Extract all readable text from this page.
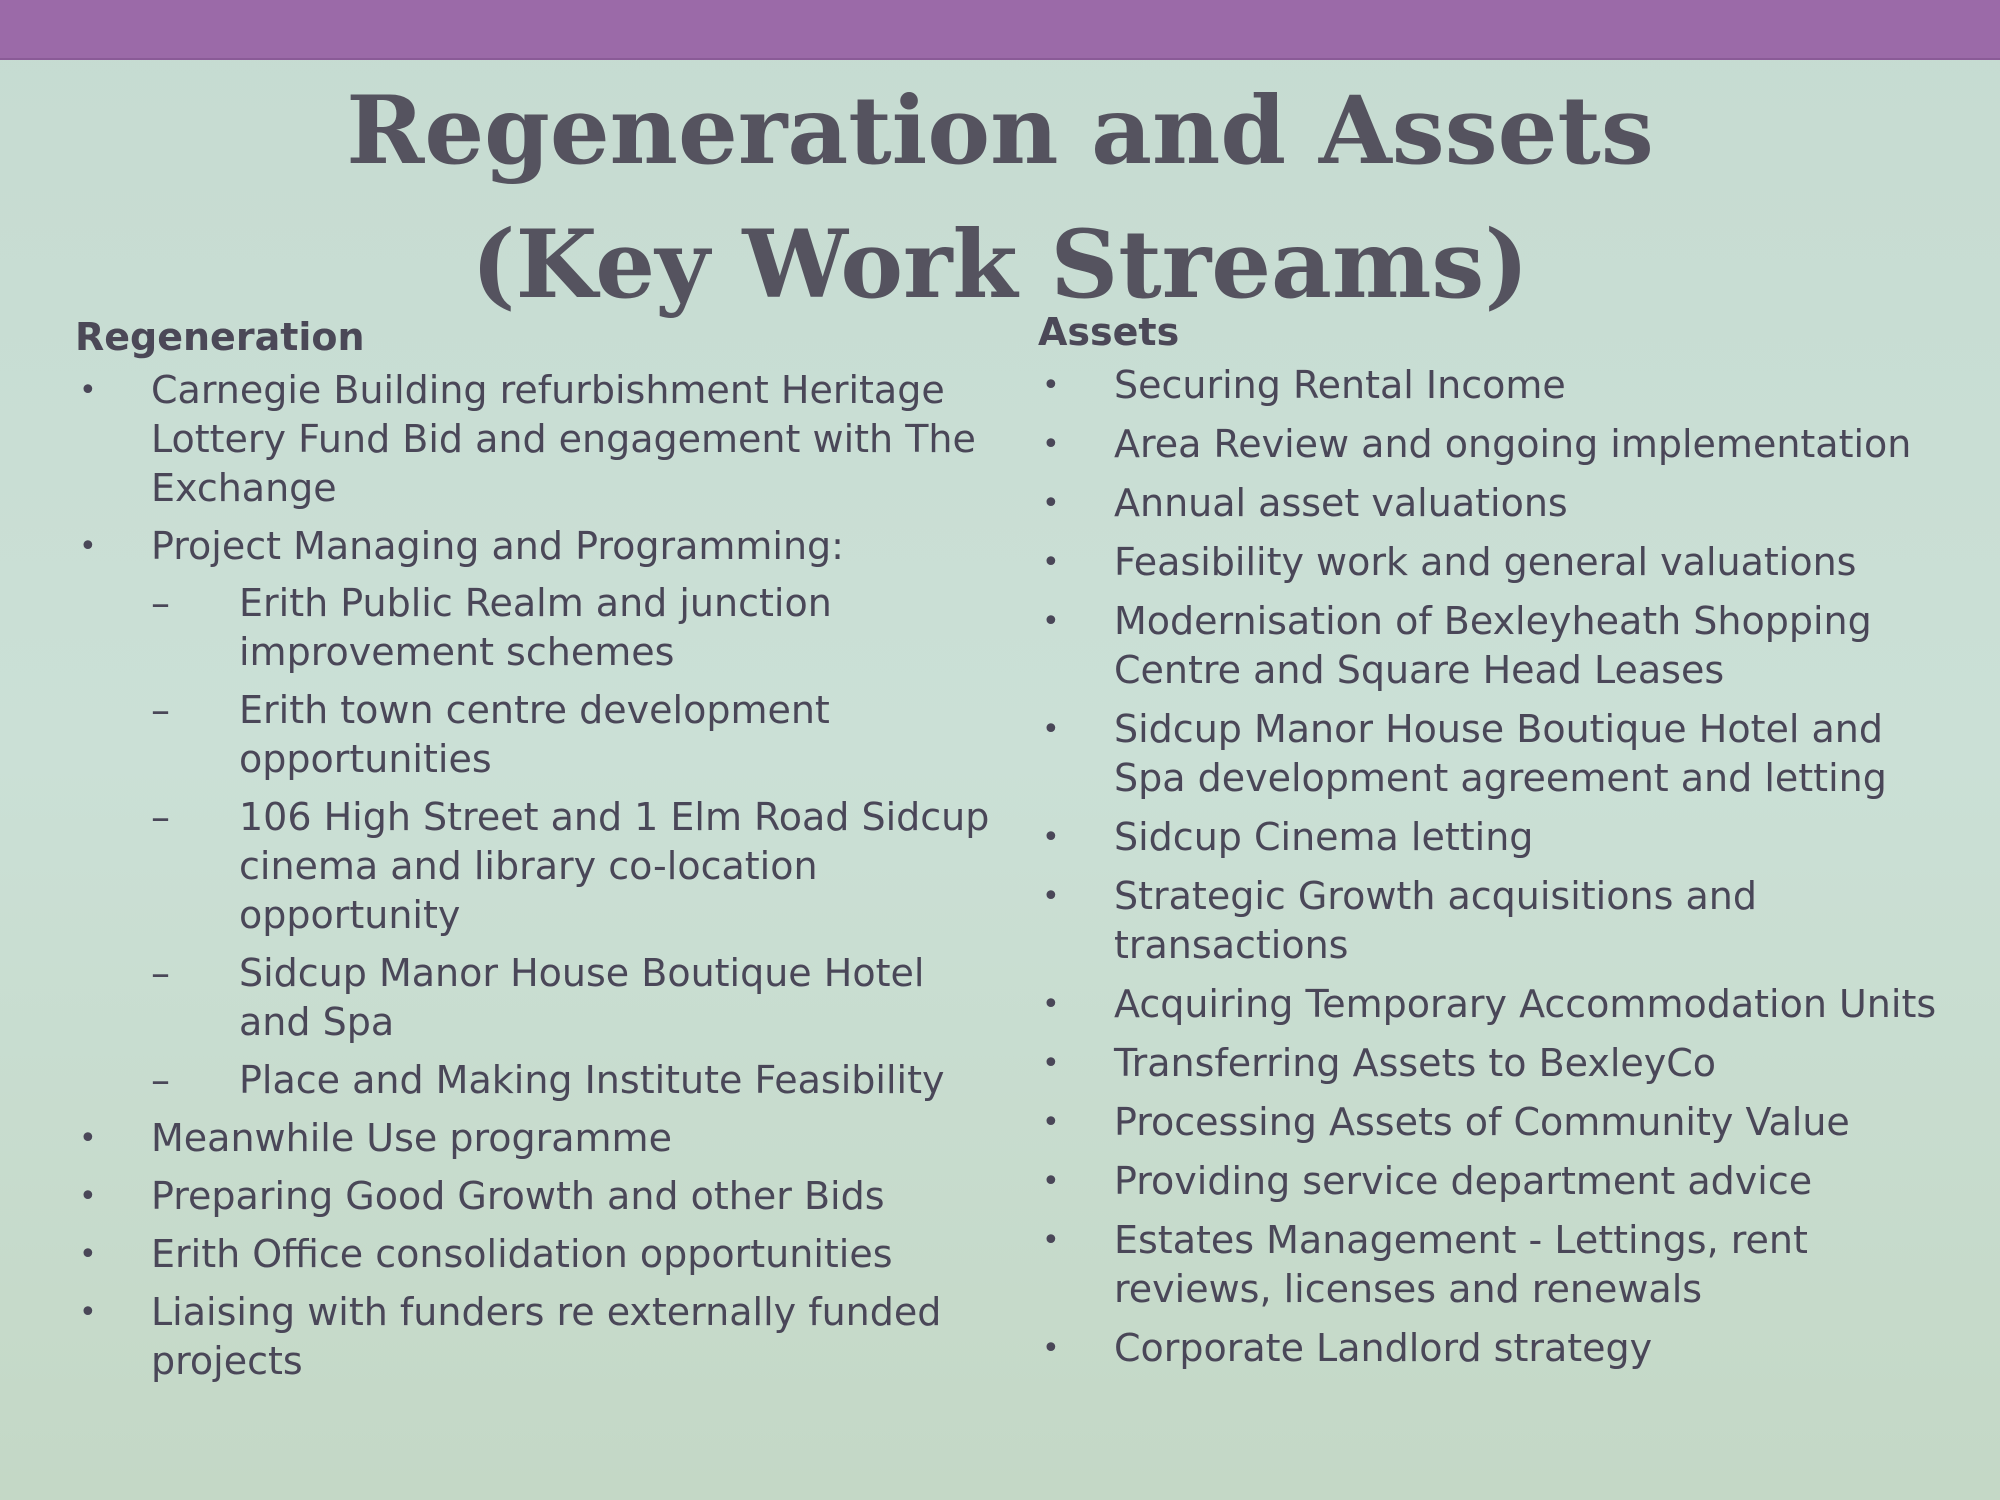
Regeneration and Assets
(Key Work Streams)
Regeneration
• Carnegie Building refurbishment Heritage Lottery Fund Bid and engagement with The Exchange
• Project Managing and Programming:
– Erith Public Realm and junction improvement schemes
– Erith town centre development opportunities
– 106 High Street and 1 Elm Road Sidcup cinema and library co-location opportunity
– Sidcup Manor House Boutique Hotel and Spa
– Place and Making Institute Feasibility
• Meanwhile Use programme
• Preparing Good Growth and other Bids
• Erith Office consolidation opportunities
• Liaising with funders re externally funded projects
Assets
• Securing Rental Income
• Area Review and ongoing implementation
• Annual asset valuations
• Feasibility work and general valuations
• Modernisation of Bexleyheath Shopping Centre and Square Head Leases
• Sidcup Manor House Boutique Hotel and Spa development agreement and letting
• Sidcup Cinema letting
• Strategic Growth acquisitions and transactions
• Acquiring Temporary Accommodation Units
• Transferring Assets to BexleyCo
• Processing Assets of Community Value
• Providing service department advice
• Estates Management - Lettings, rent reviews, licenses and renewals
• Corporate Landlord strategy
